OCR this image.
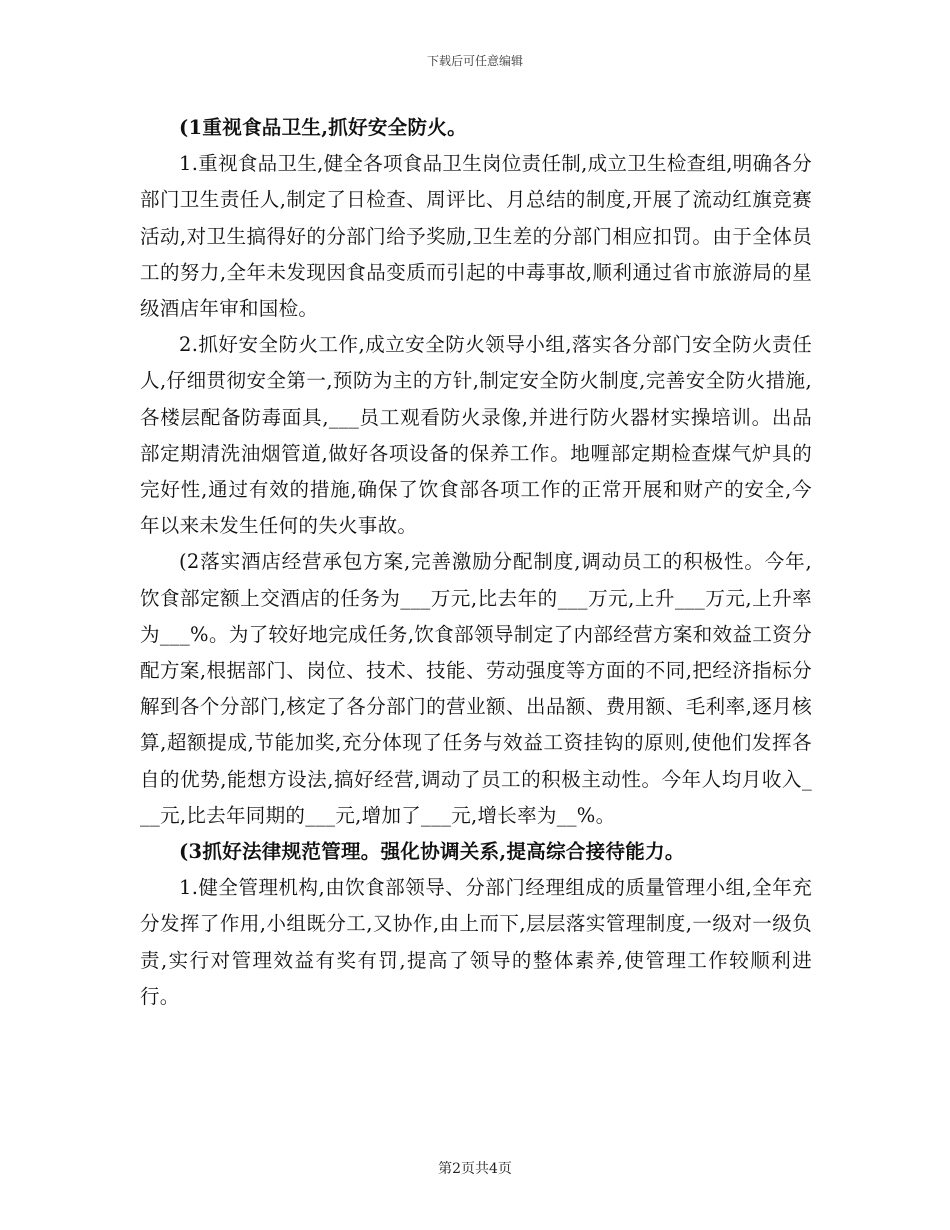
下载后可任意编辑

(1重视食品卫生,抓好安全防火。

1.重视食品卫生,健全各项食品卫生岗位责任制,成立卫生检查组,明确各分部门卫生责任人,制定了日检查、周评比、月总结的制度,开展了流动红旗竞赛活动,对卫生搞得好的分部门给予奖励,卫生差的分部门相应扣罚。由于全体员工的努力,全年未发现因食品变质而引起的中毒事故,顺利通过省市旅游局的星级酒店年审和国检。

2.抓好安全防火工作,成立安全防火领导小组,落实各分部门安全防火责任人,仔细贯彻安全第一,预防为主的方针,制定安全防火制度,完善安全防火措施,各楼层配备防毒面具,___员工观看防火录像,并进行防火器材实操培训。出品部定期清洗油烟管道,做好各项设备的保养工作。地喱部定期检查煤气炉具的完好性,通过有效的措施,确保了饮食部各项工作的正常开展和财产的安全,今年以来未发生任何的失火事故。

(2落实酒店经营承包方案,完善激励分配制度,调动员工的积极性。今年,饮食部定额上交酒店的任务为___万元,比去年的___万元,上升___万元,上升率为___%。为了较好地完成任务,饮食部领导制定了内部经营方案和效益工资分配方案,根据部门、岗位、技术、技能、劳动强度等方面的不同,把经济指标分解到各个分部门,核定了各分部门的营业额、出品额、费用额、毛利率,逐月核算,超额提成,节能加奖,充分体现了任务与效益工资挂钩的原则,使他们发挥各自的优势,能想方设法,搞好经营,调动了员工的积极主动性。今年人均月收入___元,比去年同期的___元,增加了___元,增长率为__%。

(3抓好法律规范管理。强化协调关系,提高综合接待能力。

1.健全管理机构,由饮食部领导、分部门经理组成的质量管理小组,全年充分发挥了作用,小组既分工,又协作,由上而下,层层落实管理制度,一级对一级负责,实行对管理效益有奖有罚,提高了领导的整体素养,使管理工作较顺利进行。

第2页共4页
